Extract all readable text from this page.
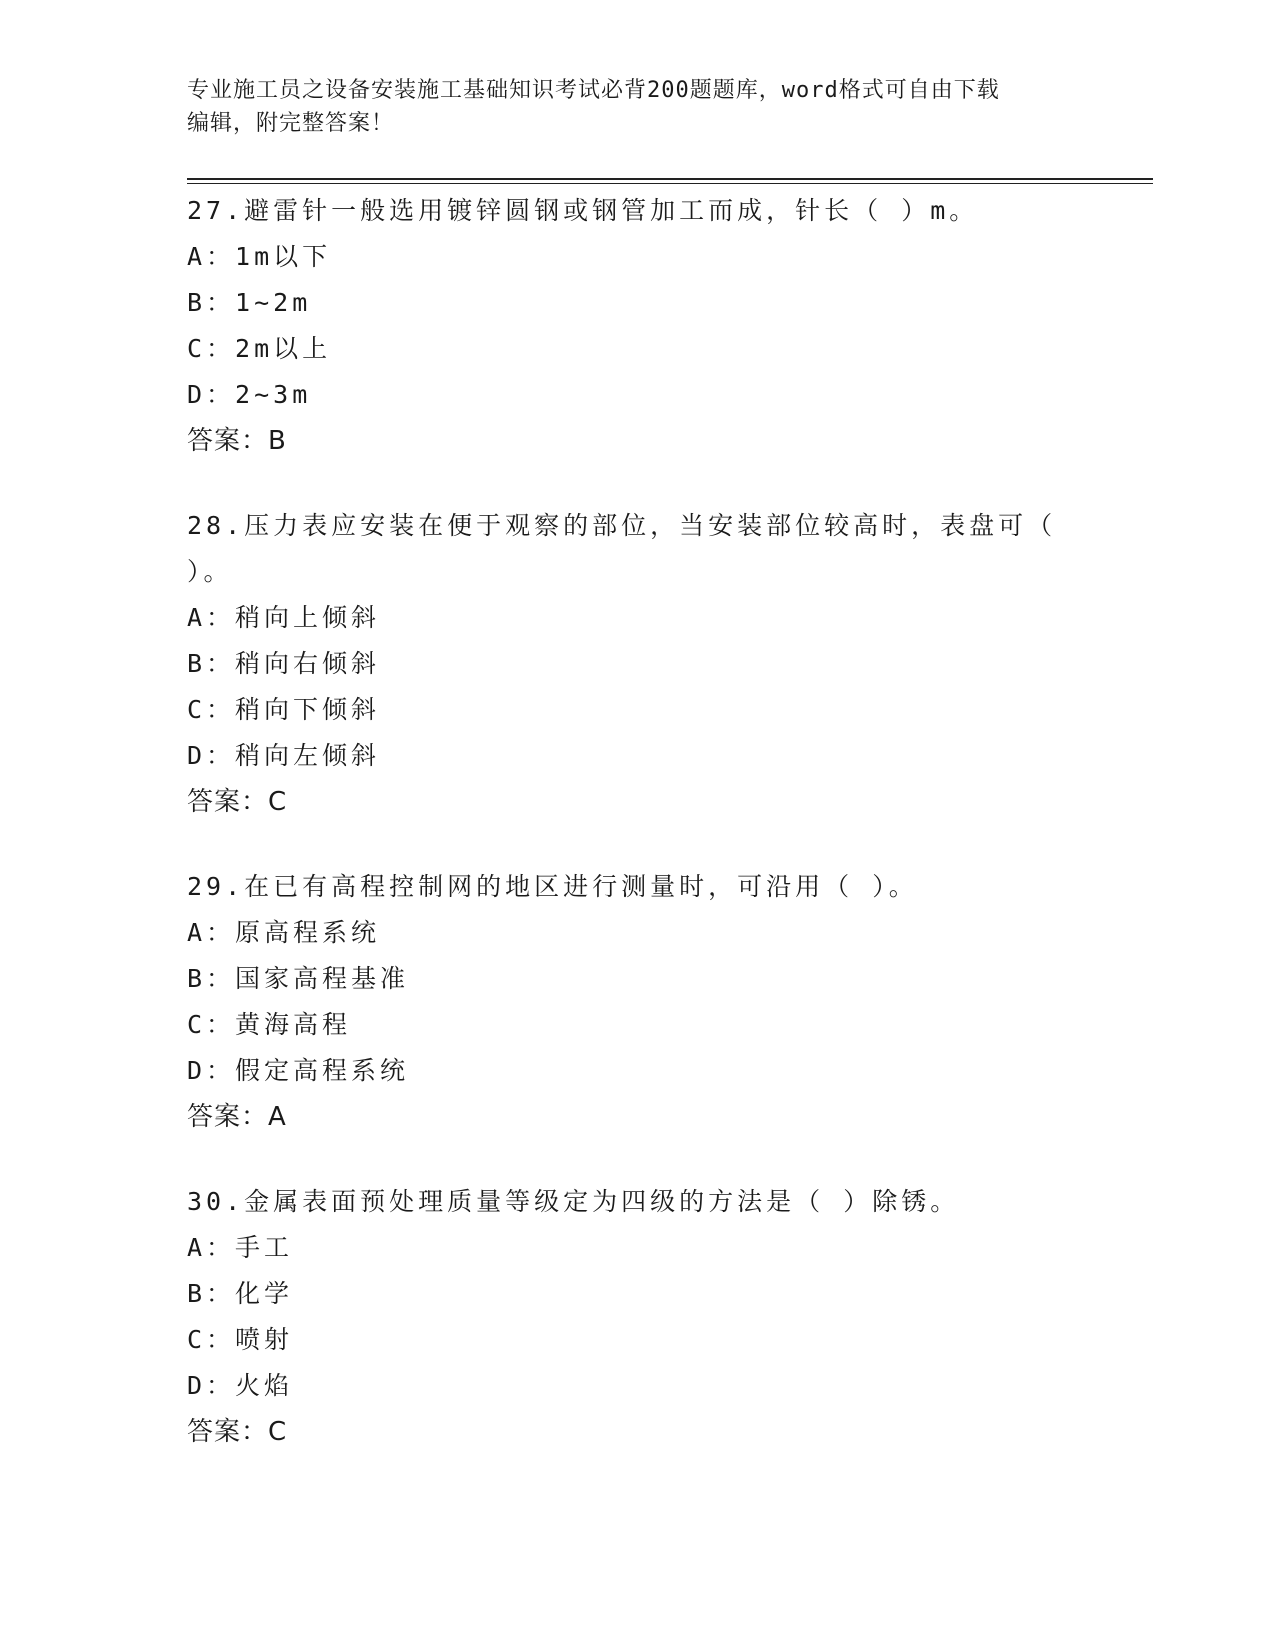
专业施工员之设备安装施工基础知识考试必背200题题库，word格式可自由下载
编辑，附完整答案！
27.避雷针一般选用镀锌圆钢或钢管加工而成，针长（ ）m。
A：1m以下
B：1~2m
C：2m以上
D：2~3m
答案：B
28.压力表应安装在便于观察的部位，当安装部位较高时，表盘可（
）。
A：稍向上倾斜
B：稍向右倾斜
C：稍向下倾斜
D：稍向左倾斜
答案：C
29.在已有高程控制网的地区进行测量时，可沿用（ ）。
A：原高程系统
B：国家高程基准
C：黄海高程
D：假定高程系统
答案：A
30.金属表面预处理质量等级定为四级的方法是（ ）除锈。
A：手工
B：化学
C：喷射
D：火焰
答案：C
